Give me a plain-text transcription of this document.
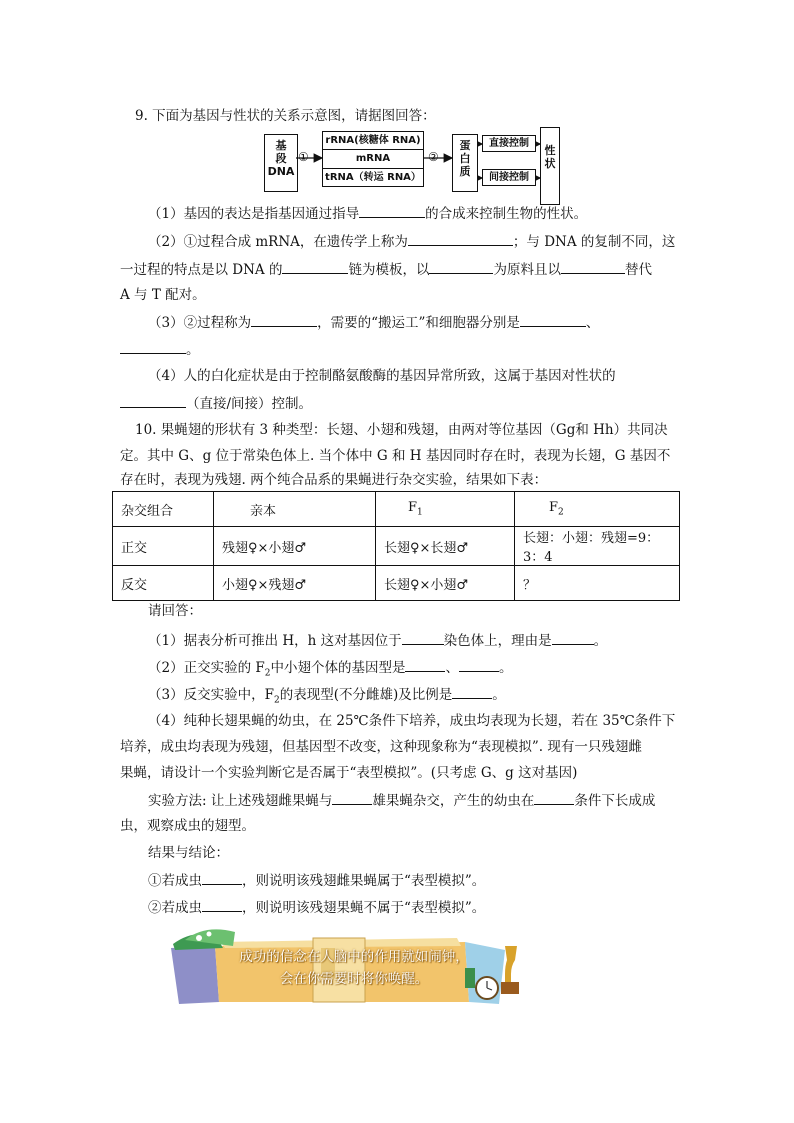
9. 下面为基因与性状的关系示意图，请据图回答：
基
段
DNA
①
rRNA(核糖体 RNA)
mRNA
tRNA（转运 RNA）
②
蛋
白
质
直接控制
间接控制
性
状
（1）基因的表达是指基因通过指导	的合成来控制生物的性状。
（2）①过程合成 mRNA，在遗传学上称为	；与 DNA 的复制不同，这
一过程的特点是以 DNA 的	链为模板，以	为原料且以	替代
A 与 T 配对。
（3）②过程称为	，需要的“搬运工”和细胞器分别是	、
。
（4）人的白化症状是由于控制酪氨酸酶的基因异常所致，这属于基因对性状的
（直接/间接）控制。
10. 果蝇翅的形状有 3 种类型：长翅、小翅和残翅，由两对等位基因（Gg和 Hh）共同决
定。其中 G、g 位于常染色体上. 当个体中 G 和 H 基因同时存在时，表现为长翅，G 基因不
存在时，表现为残翅. 两个纯合品系的果蝇进行杂交实验，结果如下表：
杂交组合	亲本	$F_1$	$F_2$
正交	残翅♀×小翅♂	长翅♀×长翅♂	长翅：小翅：残翅=9：3：4
反交	小翅♀×残翅♂	长翅♀×小翅♂	？
请回答：
（1）据表分析可推出 H，h 这对基因位于	染色体上，理由是	。
（2）正交实验的 $F_2$中小翅个体的基因型是	、	。
（3）反交实验中，$F_2$的表现型(不分雌雄)及比例是	。
（4）纯种长翅果蝇的幼虫，在 25℃条件下培养，成虫均表现为长翅，若在 35℃条件下
培养，成虫均表现为残翅，但基因型不改变，这种现象称为“表现模拟”. 现有一只残翅雌
果蝇，请设计一个实验判断它是否属于“表型模拟”。(只考虑 G、g 这对基因)
实验方法: 让上述残翅雌果蝇与	雄果蝇杂交，产生的幼虫在	条件下长成成
虫，观察成虫的翅型。
结果与结论：
①若成虫	，则说明该残翅雌果蝇属于“表型模拟”。
②若成虫	，则说明该残翅果蝇不属于“表型模拟”。
成功的信念在人脑中的作用就如闹钟，
会在你需要时将你唤醒。
